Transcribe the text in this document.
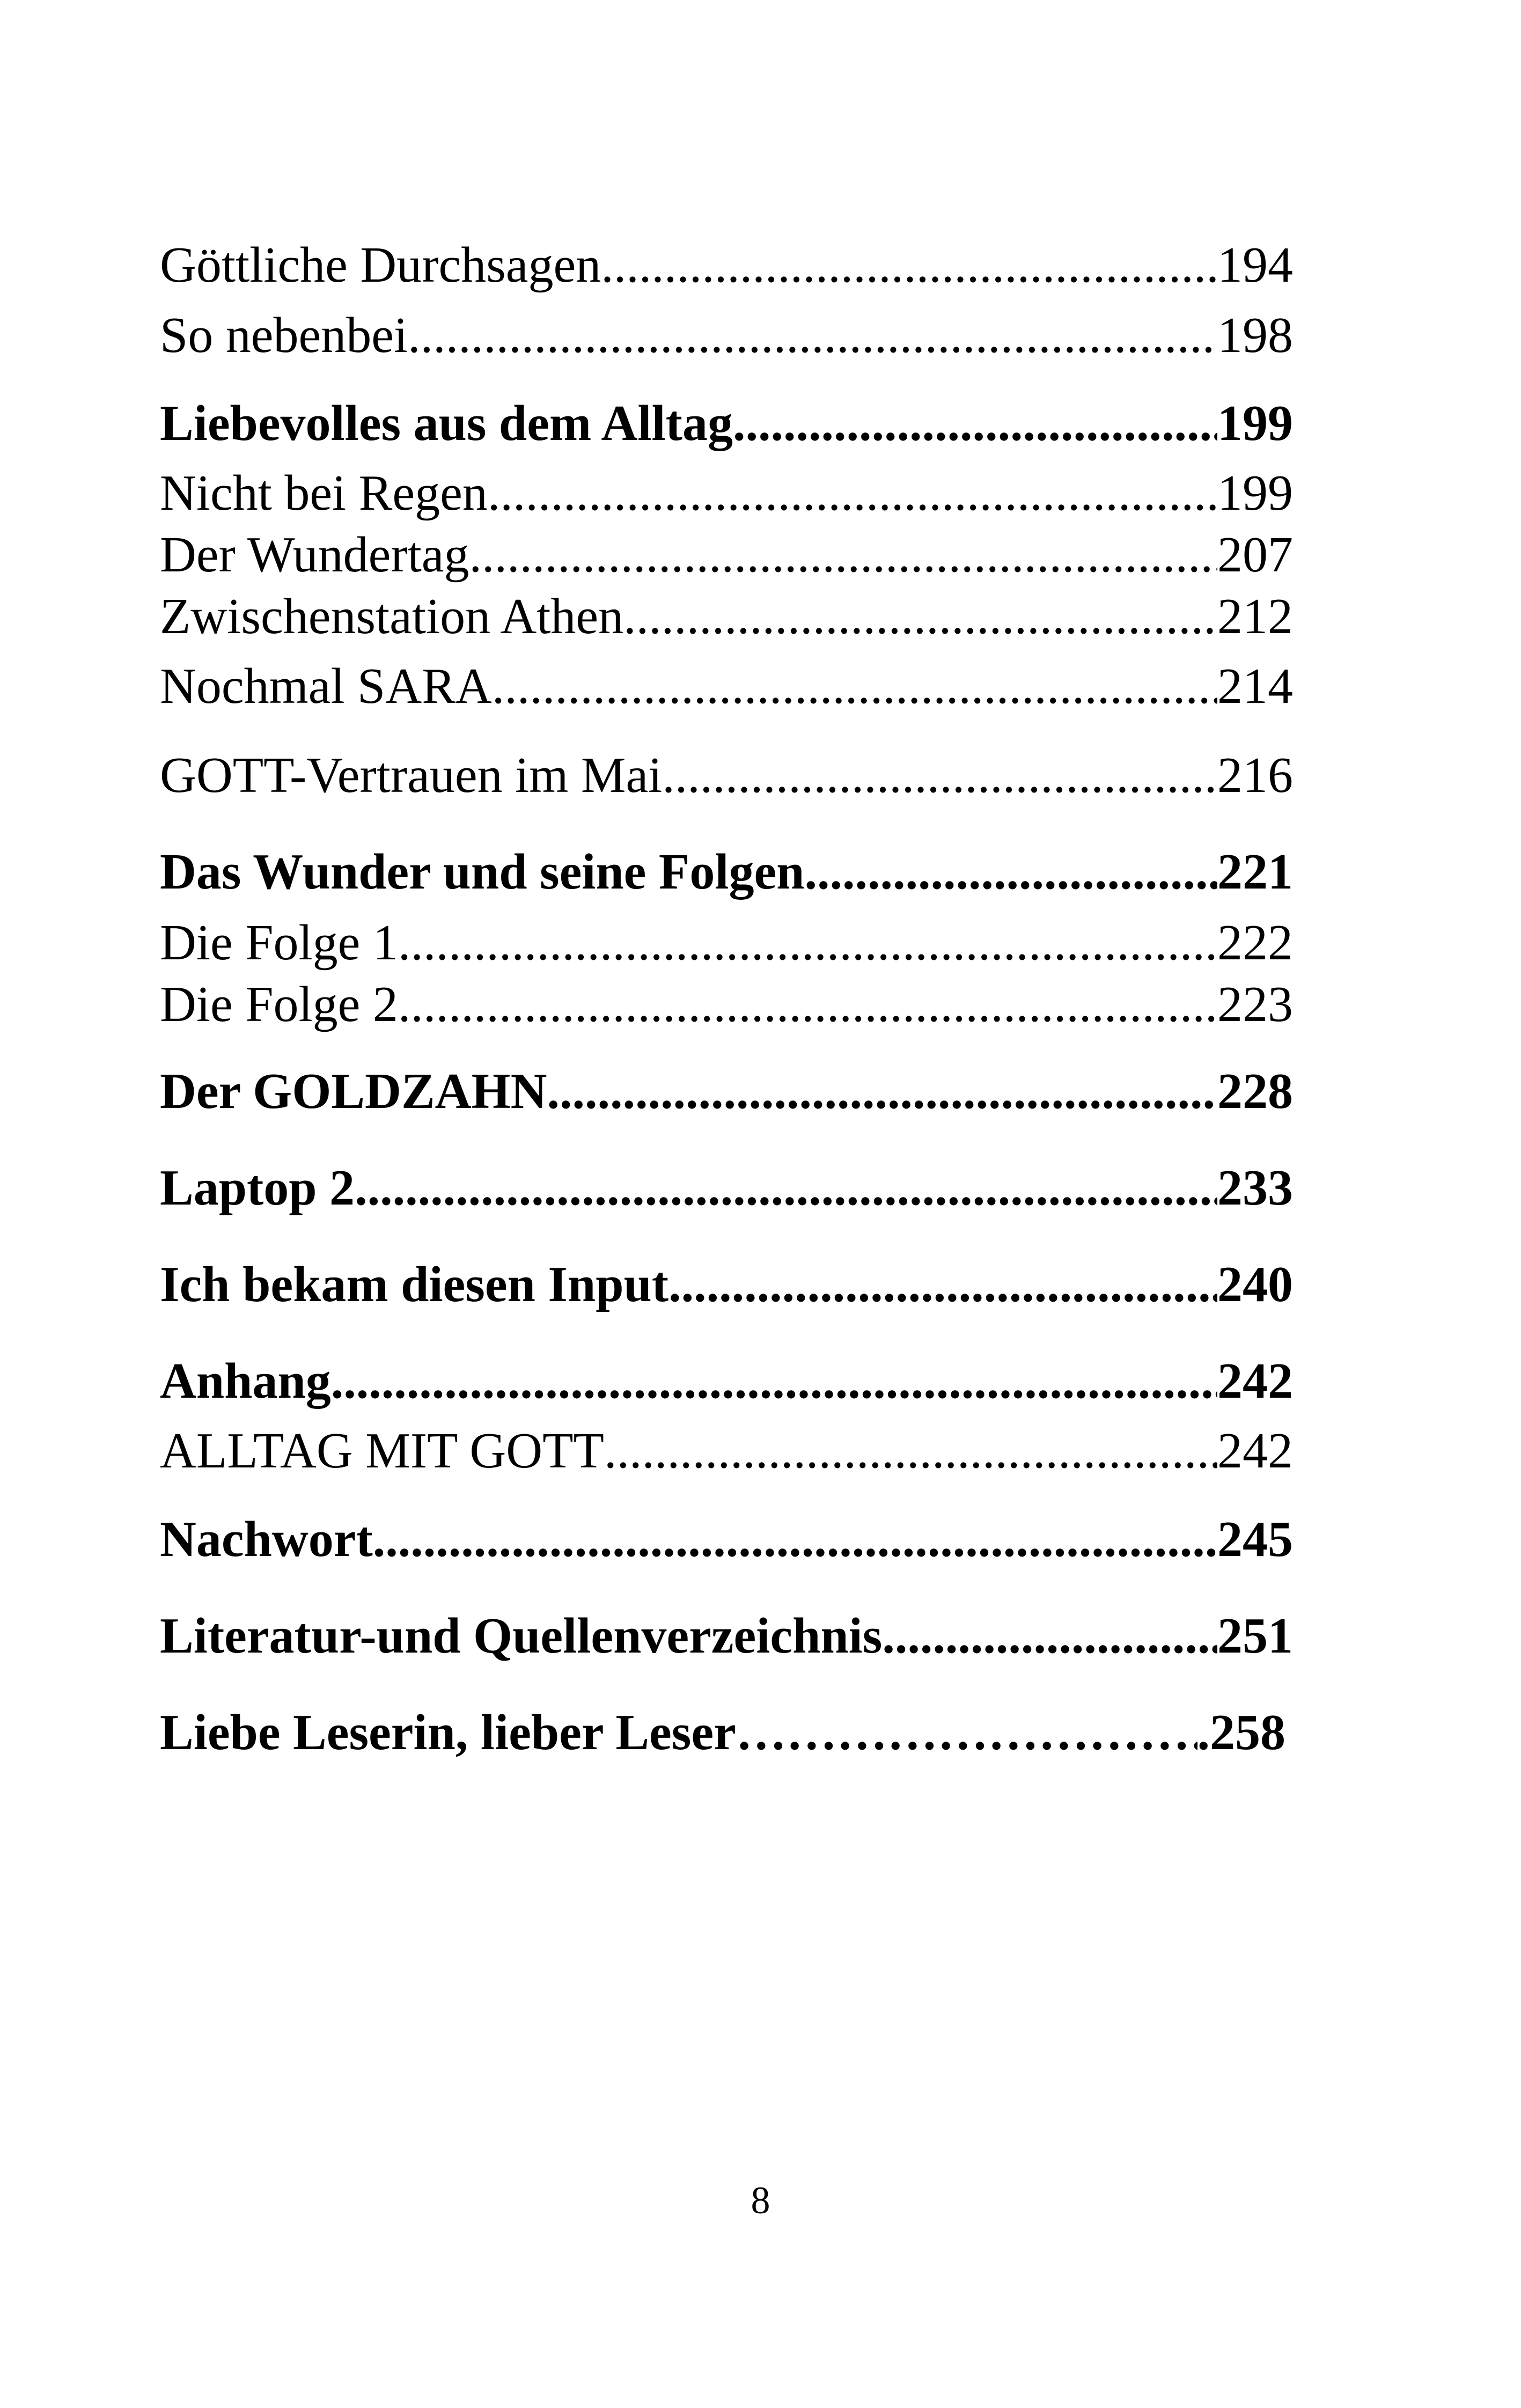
Göttliche Durchsagen .....	194
So nebenbei .....	198
Liebevolles aus dem Alltag .....	199
Nicht bei Regen .....	199
Der Wundertag .....	207
Zwischenstation Athen .....	212
Nochmal SARA .....	214
GOTT-Vertrauen im Mai .....	216
Das Wunder und seine Folgen .....	221
Die Folge 1 .....	222
Die Folge 2 .....	223
Der GOLDZAHN .....	228
Laptop 2 .....	233
Ich bekam diesen Input .....	240
Anhang .....	242
ALLTAG MIT GOTT .....	242
Nachwort .....	245
Literatur-und Quellenverzeichnis .....	251
Liebe Leserin, lieber Leser ……………………………………………………………………………………………………………………………………	.258
8
